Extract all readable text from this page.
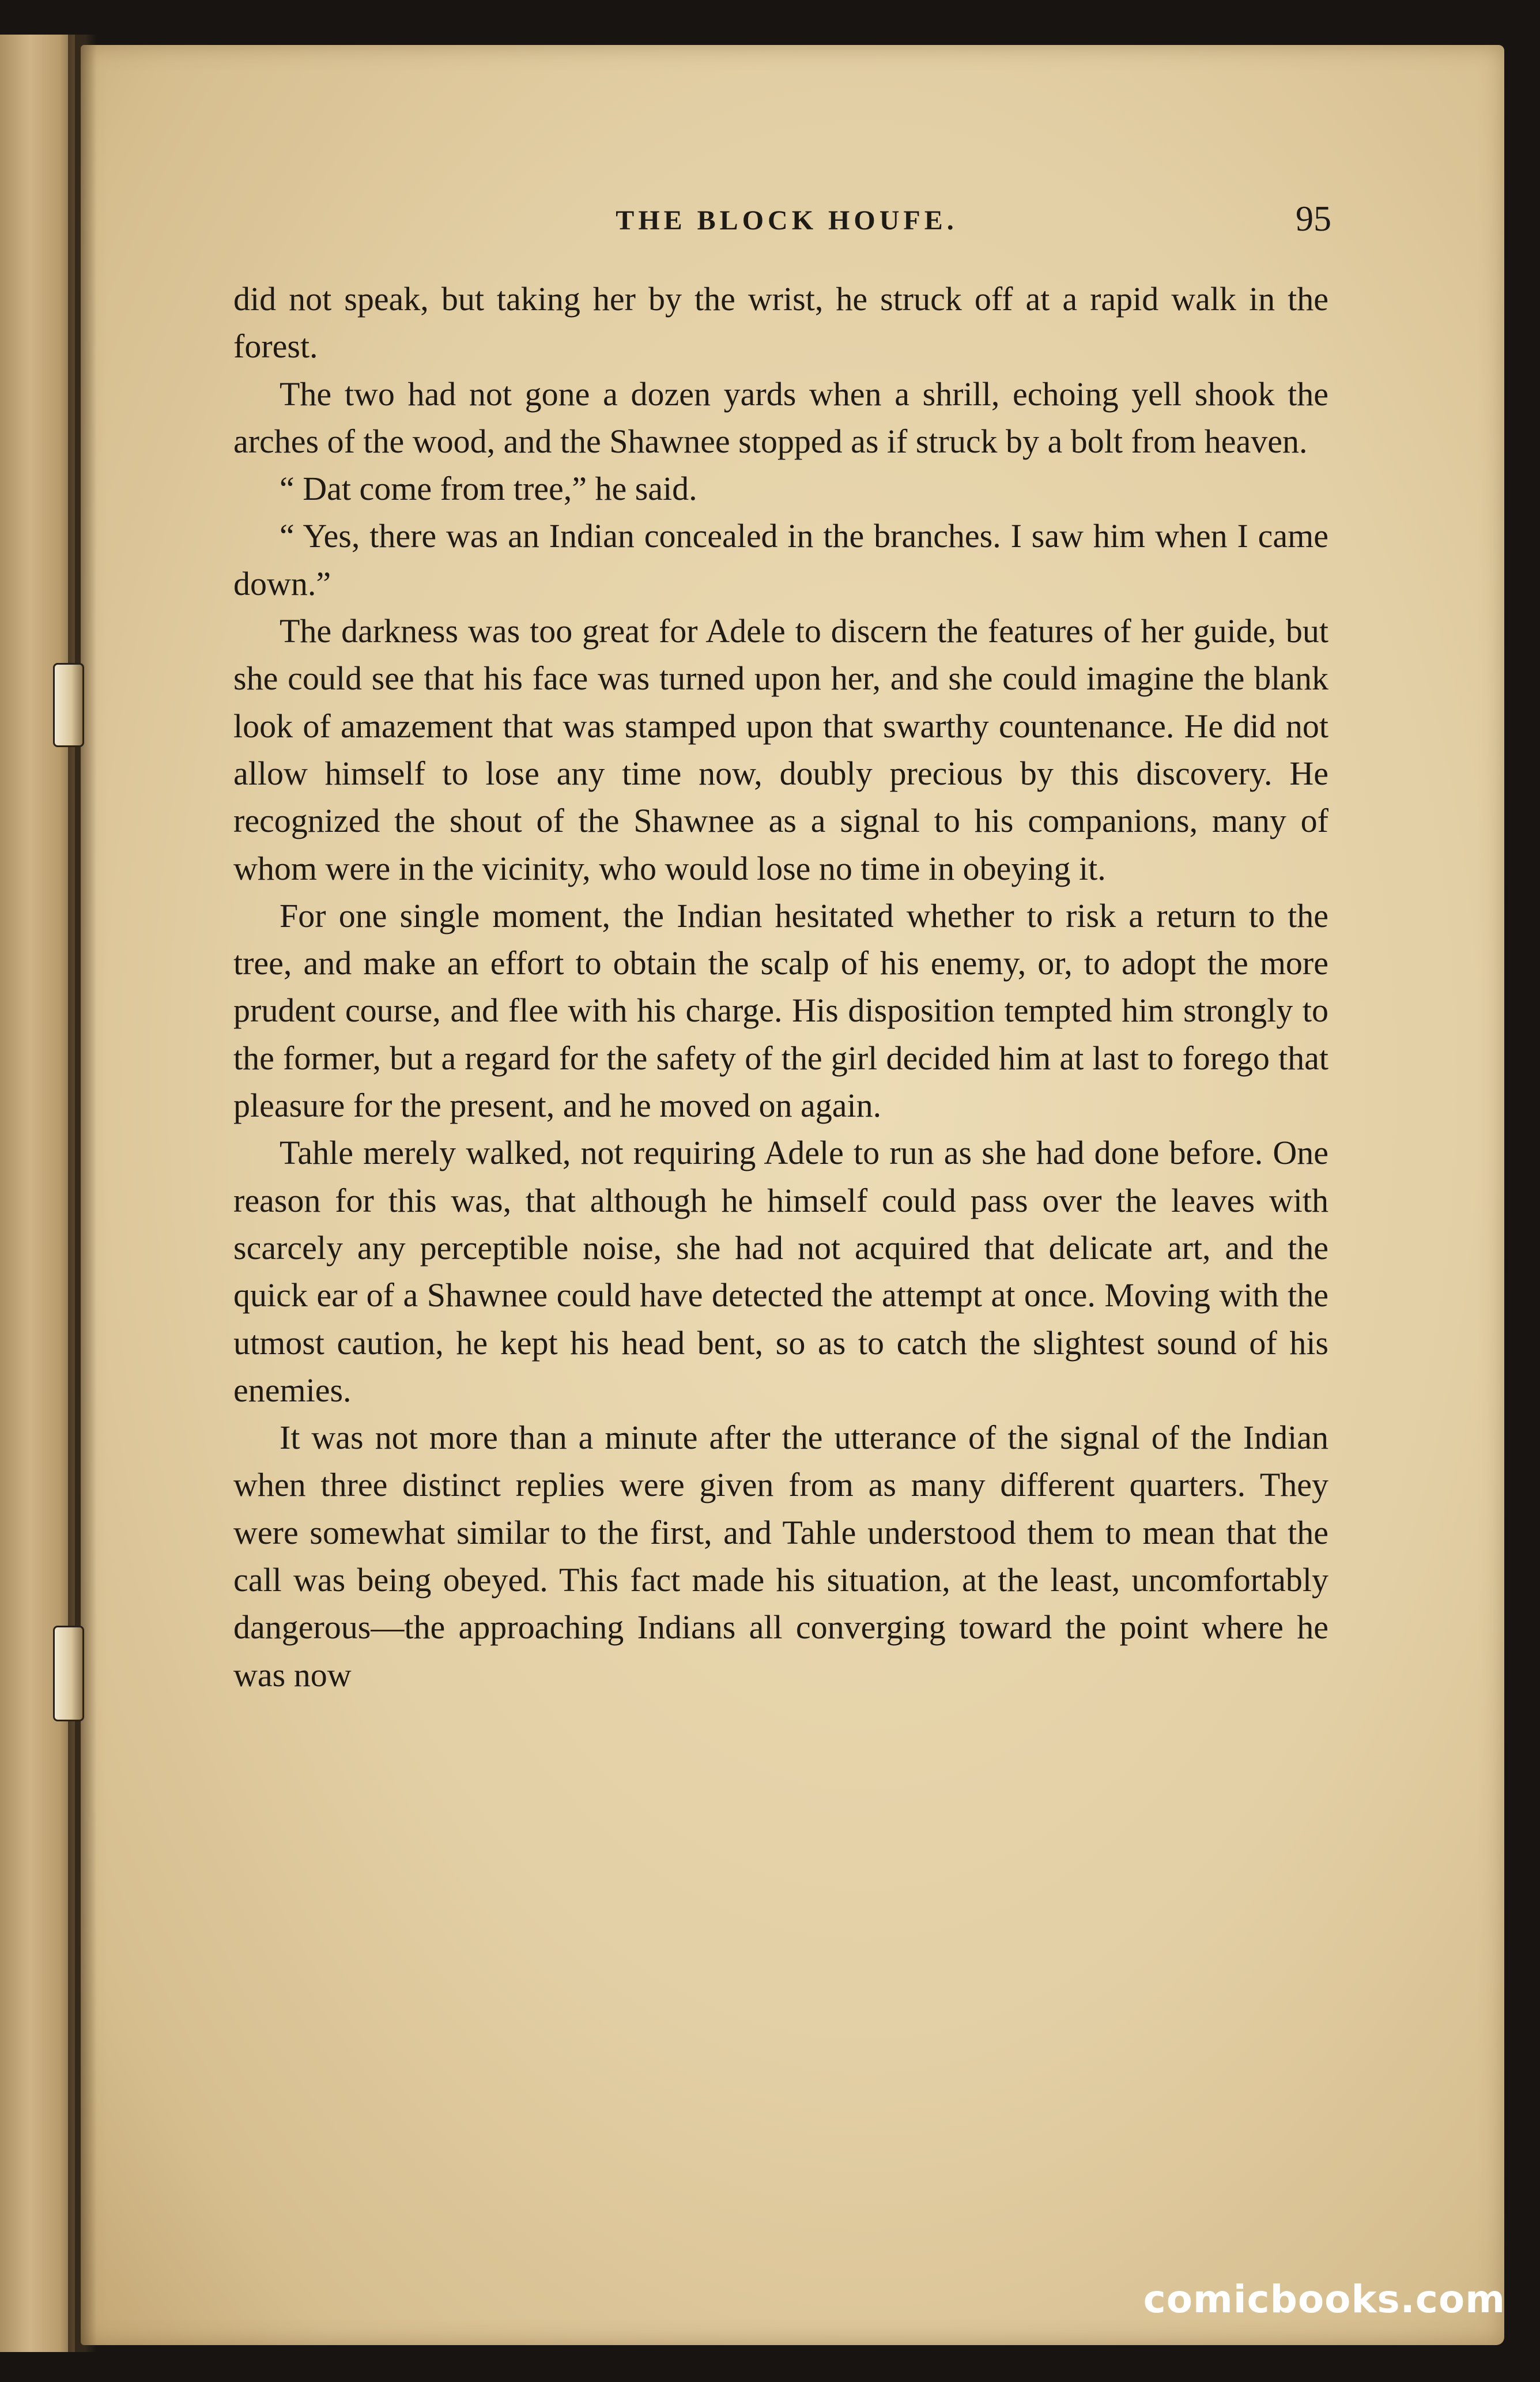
THE BLOCK HOUFE.	95

did not speak, but taking her by the wrist, he struck off at a rapid walk in the forest.

The two had not gone a dozen yards when a shrill, echoing yell shook the arches of the wood, and the Shawnee stopped as if struck by a bolt from heaven.

“ Dat come from tree,” he said.

“ Yes, there was an Indian concealed in the branches. I saw him when I came down.”

The darkness was too great for Adele to discern the features of her guide, but she could see that his face was turned upon her, and she could imagine the blank look of amazement that was stamped upon that swarthy countenance. He did not allow himself to lose any time now, doubly precious by this discovery. He recognized the shout of the Shawnee as a signal to his companions, many of whom were in the vicinity, who would lose no time in obeying it.

For one single moment, the Indian hesitated whether to risk a return to the tree, and make an effort to obtain the scalp of his enemy, or, to adopt the more prudent course, and flee with his charge. His disposition tempted him strongly to the former, but a regard for the safety of the girl decided him at last to forego that pleasure for the present, and he moved on again.

Tahle merely walked, not requiring Adele to run as she had done before. One reason for this was, that although he himself could pass over the leaves with scarcely any perceptible noise, she had not acquired that delicate art, and the quick ear of a Shawnee could have detected the attempt at once. Moving with the utmost caution, he kept his head bent, so as to catch the slightest sound of his enemies.

It was not more than a minute after the utterance of the signal of the Indian when three distinct replies were given from as many different quarters. They were somewhat similar to the first, and Tahle understood them to mean that the call was being obeyed. This fact made his situation, at the least, uncomfortably dangerous—the approaching Indians all converging toward the point where he was now

comicbooks.com
